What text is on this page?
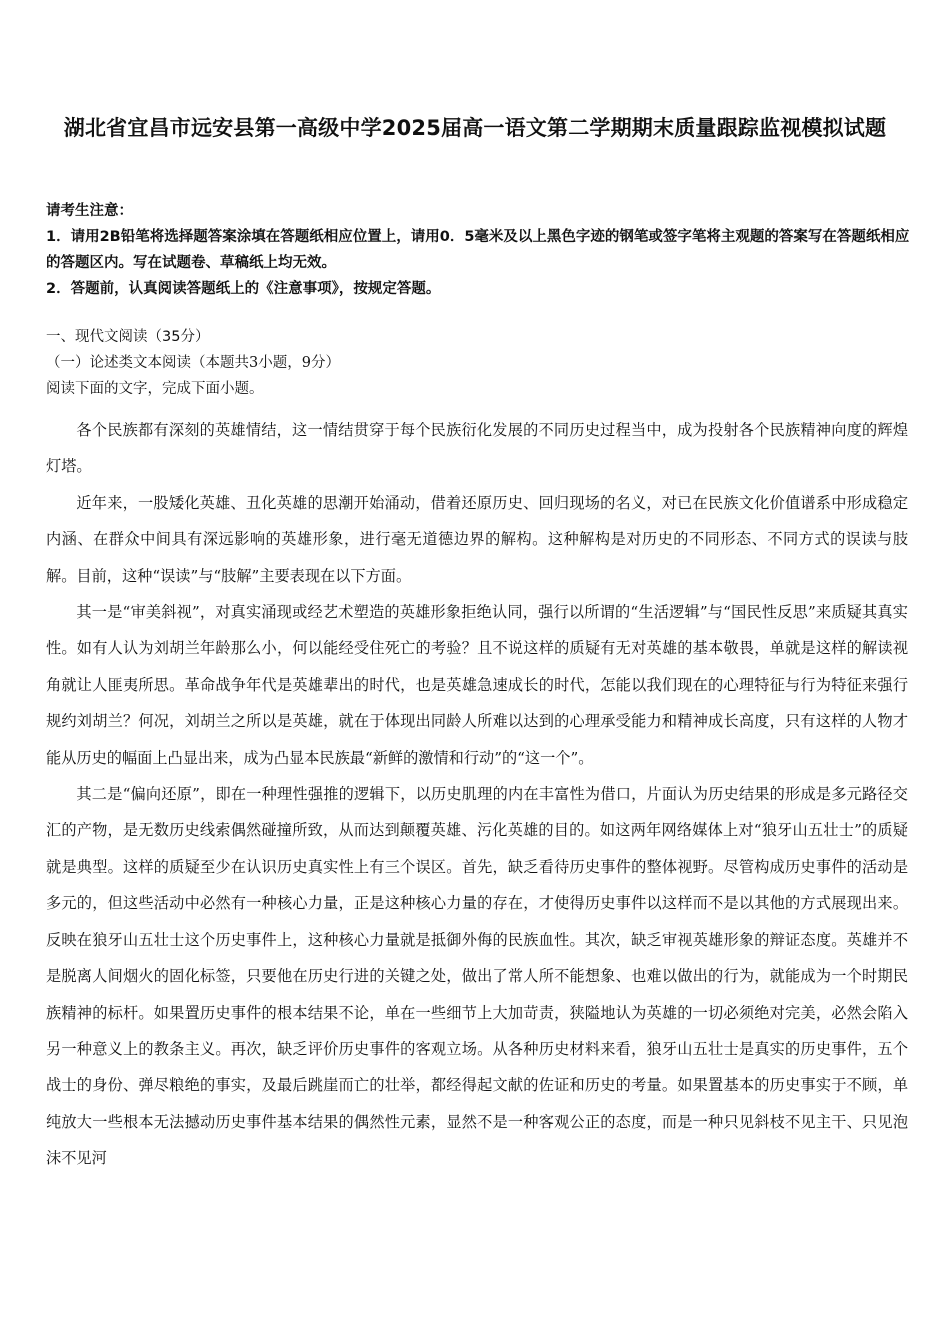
湖北省宜昌市远安县第一高级中学2025届高一语文第二学期期末质量跟踪监视模拟试题

请考生注意：

1．请用2B铅笔将选择题答案涂填在答题纸相应位置上，请用0．5毫米及以上黑色字迹的钢笔或签字笔将主观题的答案写在答题纸相应的答题区内。写在试题卷、草稿纸上均无效。

2．答题前，认真阅读答题纸上的《注意事项》，按规定答题。

一、现代文阅读（35分）

（一）论述类文本阅读（本题共3小题，9分）

阅读下面的文字，完成下面小题。

各个民族都有深刻的英雄情结，这一情结贯穿于每个民族衍化发展的不同历史过程当中，成为投射各个民族精神向度的辉煌灯塔。

近年来，一股矮化英雄、丑化英雄的思潮开始涌动，借着还原历史、回归现场的名义，对已在民族文化价值谱系中形成稳定内涵、在群众中间具有深远影响的英雄形象，进行毫无道德边界的解构。这种解构是对历史的不同形态、不同方式的误读与肢解。目前，这种“误读”与“肢解”主要表现在以下方面。

其一是“审美斜视”，对真实涌现或经艺术塑造的英雄形象拒绝认同，强行以所谓的“生活逻辑”与“国民性反思”来质疑其真实性。如有人认为刘胡兰年龄那么小，何以能经受住死亡的考验？且不说这样的质疑有无对英雄的基本敬畏，单就是这样的解读视角就让人匪夷所思。革命战争年代是英雄辈出的时代，也是英雄急速成长的时代，怎能以我们现在的心理特征与行为特征来强行规约刘胡兰？何况，刘胡兰之所以是英雄，就在于体现出同龄人所难以达到的心理承受能力和精神成长高度，只有这样的人物才能从历史的幅面上凸显出来，成为凸显本民族最“新鲜的激情和行动”的“这一个”。

其二是“偏向还原”，即在一种理性强推的逻辑下，以历史肌理的内在丰富性为借口，片面认为历史结果的形成是多元路径交汇的产物，是无数历史线索偶然碰撞所致，从而达到颠覆英雄、污化英雄的目的。如这两年网络媒体上对“狼牙山五壮士”的质疑就是典型。这样的质疑至少在认识历史真实性上有三个误区。首先，缺乏看待历史事件的整体视野。尽管构成历史事件的活动是多元的，但这些活动中必然有一种核心力量，正是这种核心力量的存在，才使得历史事件以这样而不是以其他的方式展现出来。反映在狼牙山五壮士这个历史事件上，这种核心力量就是抵御外侮的民族血性。其次，缺乏审视英雄形象的辩证态度。英雄并不是脱离人间烟火的固化标签，只要他在历史行进的关键之处，做出了常人所不能想象、也难以做出的行为，就能成为一个时期民族精神的标杆。如果置历史事件的根本结果不论，单在一些细节上大加苛责，狭隘地认为英雄的一切必须绝对完美，必然会陷入另一种意义上的教条主义。再次，缺乏评价历史事件的客观立场。从各种历史材料来看，狼牙山五壮士是真实的历史事件，五个战士的身份、弹尽粮绝的事实，及最后跳崖而亡的壮举，都经得起文献的佐证和历史的考量。如果置基本的历史事实于不顾，单纯放大一些根本无法撼动历史事件基本结果的偶然性元素，显然不是一种客观公正的态度，而是一种只见斜枝不见主干、只见泡沫不见河
